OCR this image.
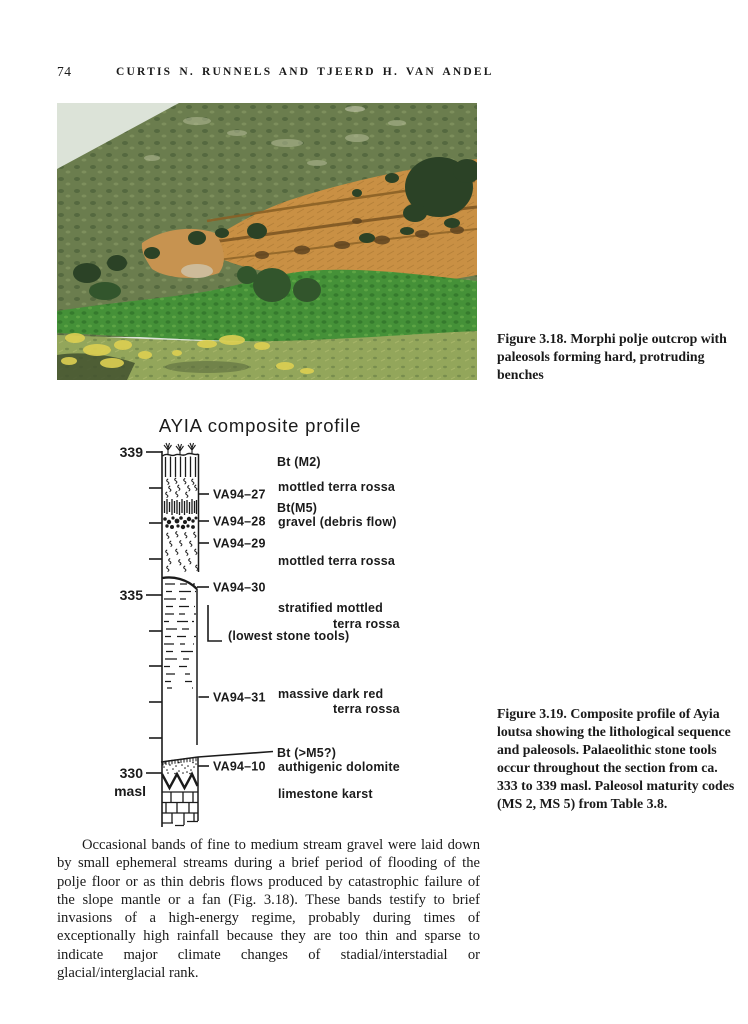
74	CURTIS N. RUNNELS AND TJEERD H. VAN ANDEL
Figure 3.18. Morphi polje outcrop with paleosols forming hard, protruding benches
AYIA composite profile
339
335
330
masl
VA94–27
VA94–28
VA94–29
VA94–30
VA94–31
VA94–10
Bt (M2)
mottled terra rossa
Bt(M5)
gravel (debris flow)
mottled terra rossa
stratified mottled
terra rossa
(lowest stone tools)
massive dark red
terra rossa
Bt (>M5?)
authigenic dolomite
limestone karst
Figure 3.19. Composite profile of Ayia loutsa showing the lithological sequence and paleosols. Palaeolithic stone tools occur throughout the section from ca. 333 to 339 masl. Paleosol maturity codes (MS 2, MS 5) from Table 3.8.
Occasional bands of fine to medium stream gravel were laid down by small ephemeral streams during a brief period of flooding of the polje floor or as thin debris flows produced by catastrophic failure of the slope mantle or a fan (Fig. 3.18). These bands testify to brief invasions of a high-energy regime, probably during times of exceptionally high rainfall because they are too thin and sparse to indicate major climate changes of stadial/interstadial or glacial/interglacial rank.
